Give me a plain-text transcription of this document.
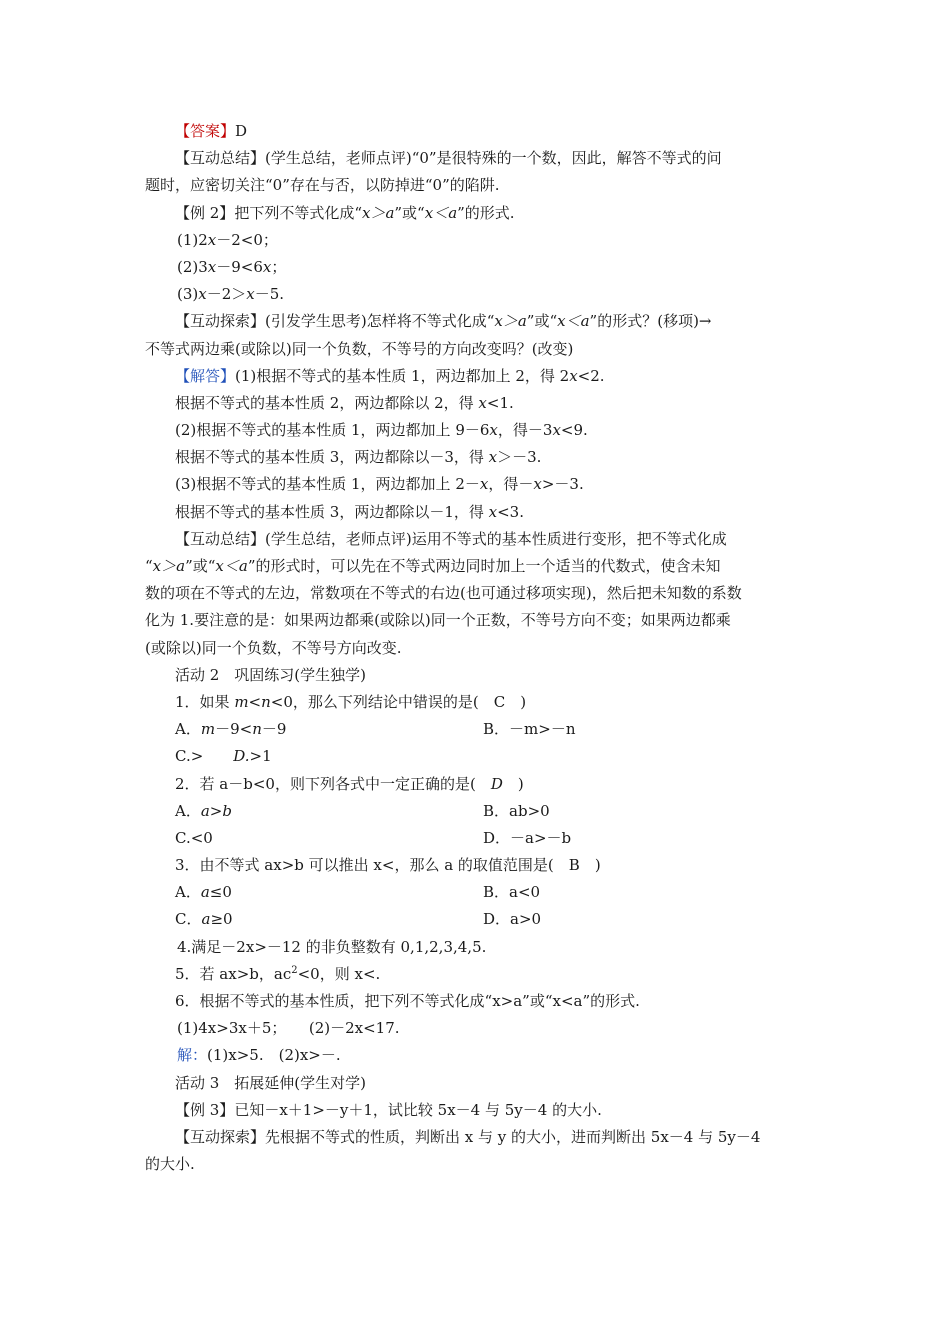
【答案】D
【互动总结】(学生总结，老师点评)“0”是很特殊的一个数，因此，解答不等式的问
题时，应密切关注“0”存在与否，以防掉进“0”的陷阱.
【例 2】把下列不等式化成“x＞a”或“x＜a”的形式.
(1)2x－2<0；
(2)3x－9<6x；
(3)x－2＞x－5.
【互动探索】(引发学生思考)怎样将不等式化成“x＞a”或“x＜a”的形式？(移项)→
不等式两边乘(或除以)同一个负数，不等号的方向改变吗？(改变)
【解答】(1)根据不等式的基本性质 1，两边都加上 2，得 2x<2.
根据不等式的基本性质 2，两边都除以 2，得 x<1.
(2)根据不等式的基本性质 1，两边都加上 9－6x，得－3x<9.
根据不等式的基本性质 3，两边都除以－3，得 x＞－3.
(3)根据不等式的基本性质 1，两边都加上 2－x，得－x>－3.
根据不等式的基本性质 3，两边都除以－1，得 x<3.
【互动总结】(学生总结，老师点评)运用不等式的基本性质进行变形，把不等式化成
“x＞a”或“x＜a”的形式时，可以先在不等式两边同时加上一个适当的代数式，使含未知
数的项在不等式的左边，常数项在不等式的右边(也可通过移项实现)，然后把未知数的系数
化为 1.要注意的是：如果两边都乘(或除以)同一个正数，不等号方向不变；如果两边都乘
(或除以)同一个负数，不等号方向改变.
活动 2　巩固练习(学生独学)
1．如果 m<n<0，那么下列结论中错误的是(　C　)
A．m－9<n－9	B．－m>－n
C.>　　D.>1
2．若 a－b<0，则下列各式中一定正确的是(　D　)
A．a>b	B．ab>0
C.<0	D．－a>－b
3．由不等式 ax>b 可以推出 x<，那么 a 的取值范围是(　B　)
A．a≤0	B．a<0
C．a≥0	D．a>0
4.满足－2x>－12 的非负整数有 0,1,2,3,4,5.
5．若 ax>b，$ac^2<0$，则 x<.
6．根据不等式的基本性质，把下列不等式化成“x>a”或“x<a”的形式.
(1)4x>3x＋5；　　(2)－2x<17.
解：(1)x>5.　(2)x>－.
活动 3　拓展延伸(学生对学)
【例 3】已知－x＋1>－y＋1，试比较 5x－4 与 5y－4 的大小.
【互动探索】先根据不等式的性质，判断出 x 与 y 的大小，进而判断出 5x－4 与 5y－4
的大小.
